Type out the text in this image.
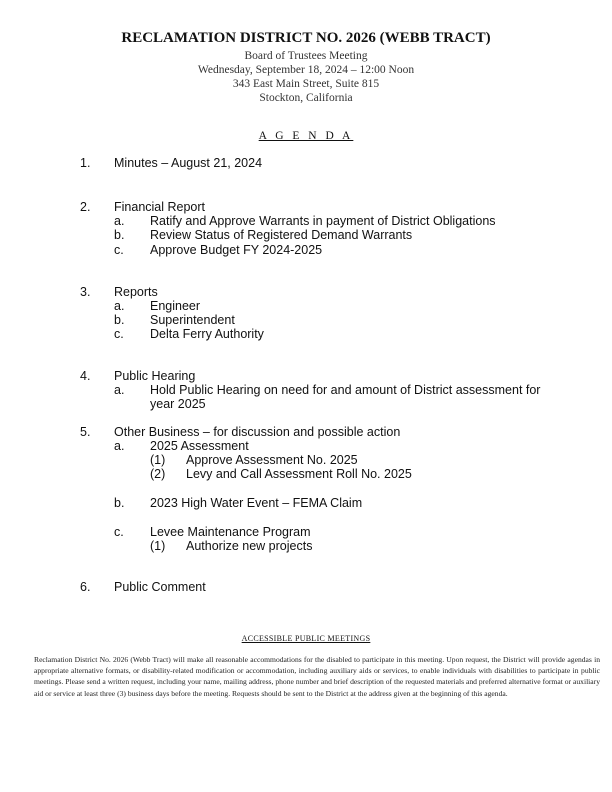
RECLAMATION DISTRICT NO. 2026 (WEBB TRACT)
Board of Trustees Meeting
Wednesday, September 18, 2024 – 12:00 Noon
343 East Main Street, Suite 815
Stockton, California
A G E N D A
1. Minutes – August 21, 2024
2. Financial Report
a. Ratify and Approve Warrants in payment of District Obligations
b. Review Status of Registered Demand Warrants
c. Approve Budget FY 2024-2025
3. Reports
a. Engineer
b. Superintendent
c. Delta Ferry Authority
4. Public Hearing
a. Hold Public Hearing on need for and amount of District assessment for
year 2025
5. Other Business – for discussion and possible action
a. 2025 Assessment
(1) Approve Assessment No. 2025
(2) Levy and Call Assessment Roll No. 2025
b. 2023 High Water Event – FEMA Claim
c. Levee Maintenance Program
(1) Authorize new projects
6. Public Comment
ACCESSIBLE PUBLIC MEETINGS
Reclamation District No. 2026 (Webb Tract) will make all reasonable accommodations for the disabled to participate in this meeting. Upon request, the District will provide agendas in appropriate alternative formats, or disability-related modification or accommodation, including auxiliary aids or services, to enable individuals with disabilities to participate in public meetings. Please send a written request, including your name, mailing address, phone number and brief description of the requested materials and preferred alternative format or auxiliary aid or service at least three (3) business days before the meeting. Requests should be sent to the District at the address given at the beginning of this agenda.
